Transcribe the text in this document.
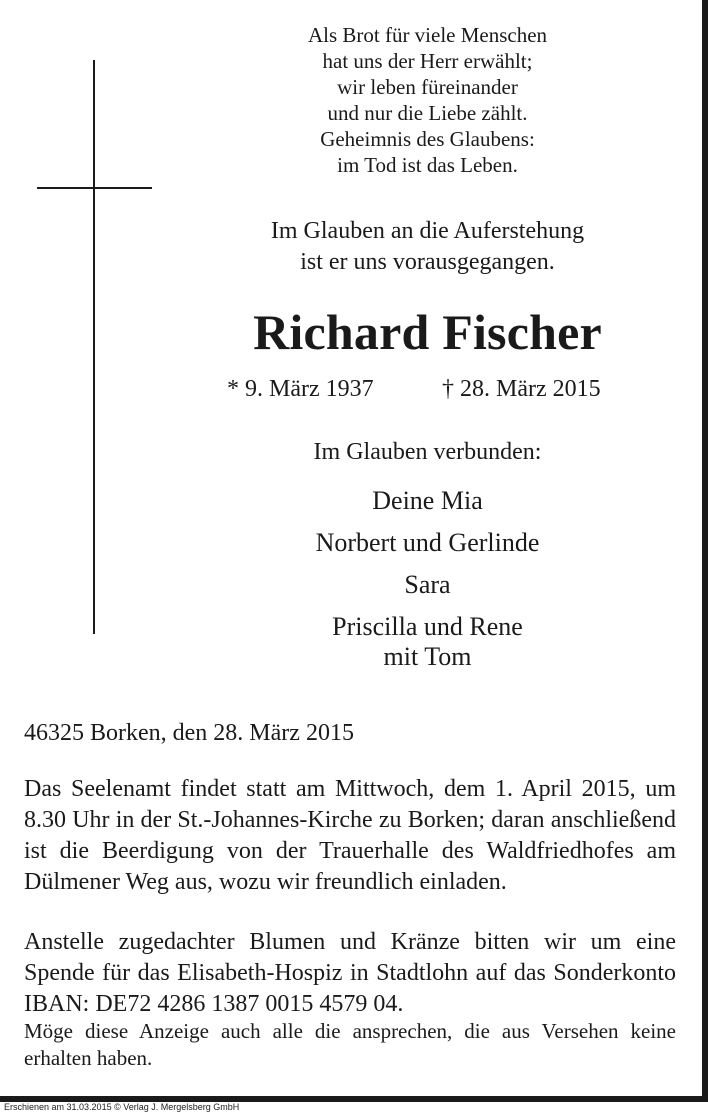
Als Brot für viele Menschen
hat uns der Herr erwählt;
wir leben füreinander
und nur die Liebe zählt.
Geheimnis des Glaubens:
im Tod ist das Leben.
Im Glauben an die Auferstehung
ist er uns vorausgegangen.
Richard Fischer
* 9. März 1937	† 28. März 2015
Im Glauben verbunden:
Deine Mia
Norbert und Gerlinde
Sara
Priscilla und Rene
mit Tom
46325 Borken, den 28. März 2015
Das Seelenamt findet statt am Mittwoch, dem 1. April 2015, um 8.30 Uhr in der St.-Johannes-Kirche zu Borken; daran anschließend ist die Beerdigung von der Trauerhalle des Waldfriedhofes am Dülmener Weg aus, wozu wir freundlich einladen.
Anstelle zugedachter Blumen und Kränze bitten wir um eine Spende für das Elisabeth-Hospiz in Stadtlohn auf das Sonderkonto IBAN: DE72 4286 1387 0015 4579 04.
Möge diese Anzeige auch alle die ansprechen, die aus Versehen keine erhalten haben.
Erschienen am 31.03.2015 © Verlag J. Mergelsberg GmbH
